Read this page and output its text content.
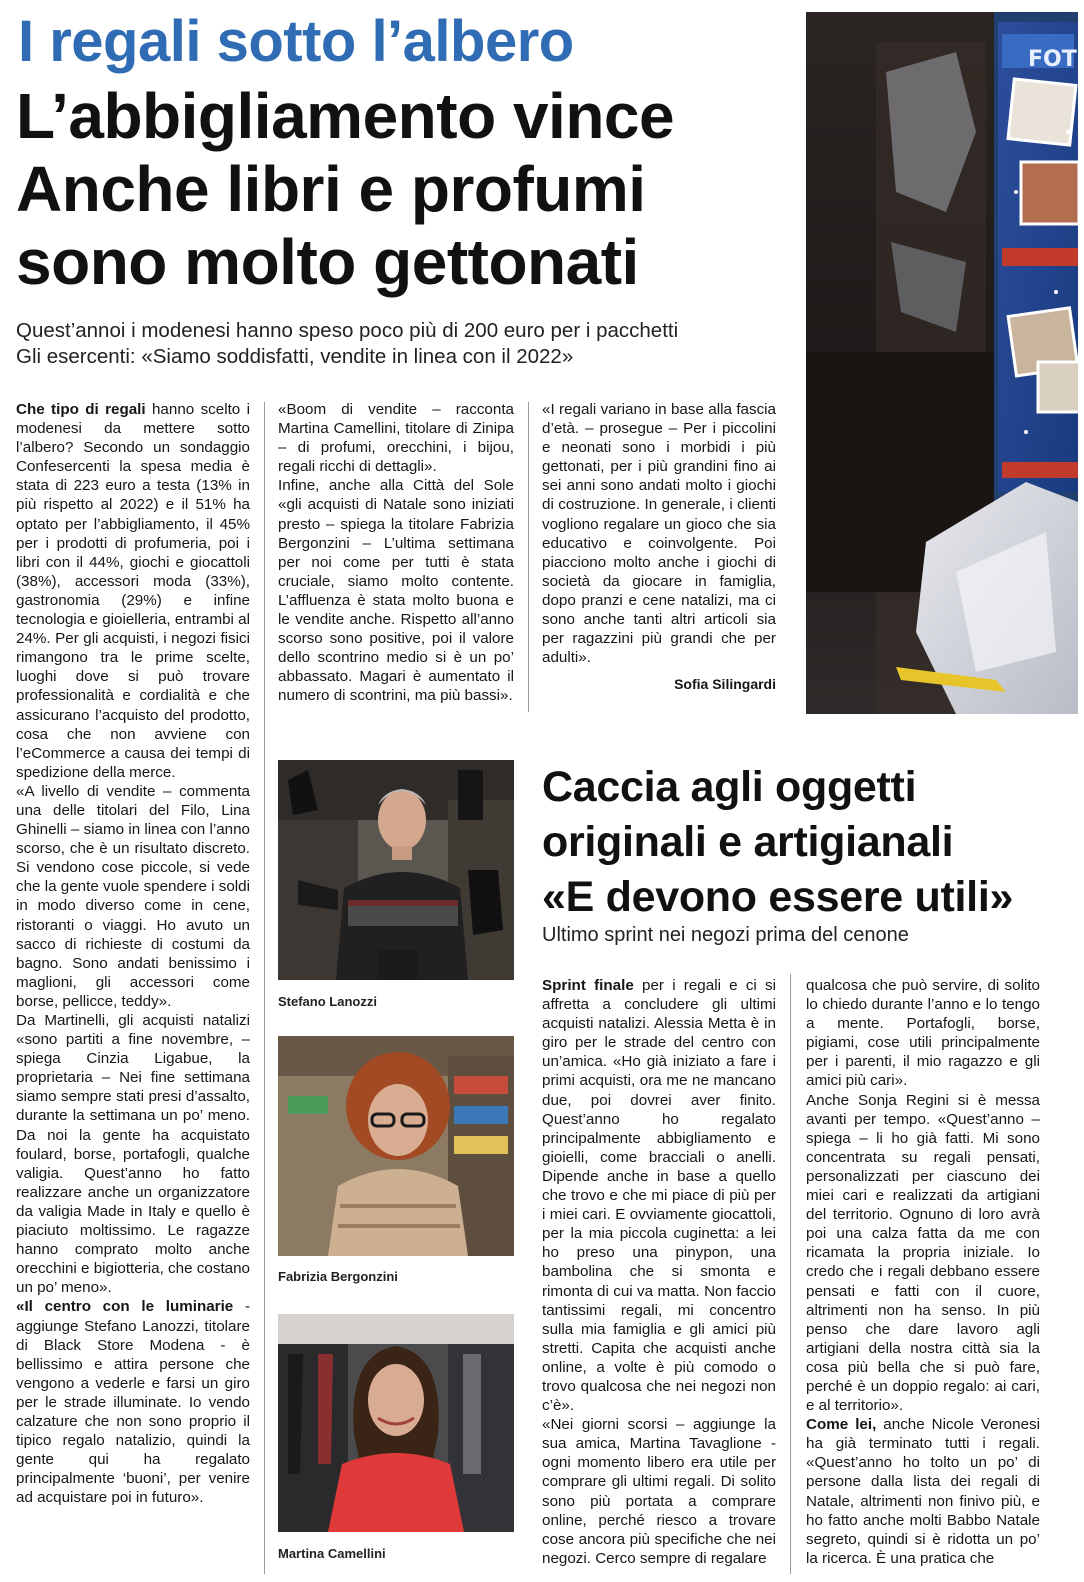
I regali sotto l’albero
L’abbigliamento vince
Anche libri e profumi
sono molto gettonati
Quest’annoi i modenesi hanno speso poco più di 200 euro per i pacchetti
Gli esercenti: «Siamo soddisfatti, vendite in linea con il 2022»
FOT

Che tipo di regali hanno scelto i modenesi da mettere sotto l’albero? Secondo un sondaggio Confesercenti la spesa media è stata di 223 euro a testa (13% in più rispetto al 2022) e il 51% ha optato per l’abbigliamento, il 45% per i prodotti di profumeria, poi i libri con il 44%, giochi e giocattoli (38%), accessori moda (33%), gastronomia (29%) e infine tecnologia e gioielleria, entrambi al 24%. Per gli acquisti, i negozi fisici rimangono tra le prime scelte, luoghi dove si può trovare professionalità e cordialità e che assicurano l’acquisto del prodotto, cosa che non avviene con l’eCommerce a causa dei tempi di spedizione della merce.

«A livello di vendite – commenta una delle titolari del Filo, Lina Ghinelli – siamo in linea con l’anno scorso, che è un risultato discreto. Si vendono cose piccole, si vede che la gente vuole spendere i soldi in modo diverso come in cene, ristoranti o viaggi. Ho avuto un sacco di richieste di costumi da bagno. Sono andati benissimo i maglioni, gli accessori come borse, pellicce, teddy».

Da Martinelli, gli acquisti natalizi «sono partiti a fine novembre, – spiega Cinzia Ligabue, la proprietaria – Nei fine settimana siamo sempre stati presi d’assalto, durante la settimana un po’ meno. Da noi la gente ha acquistato foulard, borse, portafogli, qualche valigia. Quest’anno ho fatto realizzare anche un organizzatore da valigia Made in Italy e quello è piaciuto moltissimo. Le ragazze hanno comprato molto anche orecchini e bigiotteria, che costano un po’ meno».

«Il centro con le luminarie - aggiunge Stefano Lanozzi, titolare di Black Store Modena - è bellissimo e attira persone che vengono a vederle e farsi un giro per le strade illuminate. Io vendo calzature che non sono proprio il tipico regalo natalizio, quindi la gente qui ha regalato principalmente ‘buoni’, per venire ad acquistare poi in futuro».

«Boom di vendite – racconta Martina Camellini, titolare di Zinipa – di profumi, orecchini, i bijou, regali ricchi di dettagli».

Infine, anche alla Città del Sole «gli acquisti di Natale sono iniziati presto – spiega la titolare Fabrizia Bergonzini – L’ultima settimana per noi come per tutti è stata cruciale, siamo molto contente. L’affluenza è stata molto buona e le vendite anche. Rispetto all’anno scorso sono positive, poi il valore dello scontrino medio si è un po’ abbassato. Magari è aumentato il numero di scontrini, ma più bassi».

«I regali variano in base alla fascia d’età. – prosegue – Per i piccolini e neonati sono i morbidi i più gettonati, per i più grandini fino ai sei anni sono andati molto i giochi di costruzione. In generale, i clienti vogliono regalare un gioco che sia educativo e coinvolgente. Poi piacciono molto anche i giochi di società da giocare in famiglia, dopo pranzi e cene natalizi, ma ci sono anche tanti altri articoli sia per ragazzini più grandi che per adulti».

Sofia Silingardi

Stefano Lanozzi
Fabrizia Bergonzini
Martina Camellini
Caccia agli oggetti
originali e artigianali
«E devono essere utili»
Ultimo sprint nei negozi prima del cenone

Sprint finale per i regali e ci si affretta a concludere gli ultimi acquisti natalizi. Alessia Metta è in giro per le strade del centro con un’amica. «Ho già iniziato a fare i primi acquisti, ora me ne mancano due, poi dovrei aver finito. Quest’anno ho regalato principalmente abbigliamento e gioielli, come bracciali o anelli. Dipende anche in base a quello che trovo e che mi piace di più per i miei cari. E ovviamente giocattoli, per la mia piccola cuginetta: a lei ho preso una pinypon, una bambolina che si smonta e rimonta di cui va matta. Non faccio tantissimi regali, mi concentro sulla mia famiglia e gli amici più stretti. Capita che acquisti anche online, a volte è più comodo o trovo qualcosa che nei negozi non c’è».

«Nei giorni scorsi – aggiunge la sua amica, Martina Tavaglione - ogni momento libero era utile per comprare gli ultimi regali. Di solito sono più portata a comprare online, perché riesco a trovare cose ancora più specifiche che nei negozi. Cerco sempre di regalare

qualcosa che può servire, di solito lo chiedo durante l’anno e lo tengo a mente. Portafogli, borse, pigiami, cose utili principalmente per i parenti, il mio ragazzo e gli amici più cari».

Anche Sonja Regini si è messa avanti per tempo. «Quest’anno – spiega – li ho già fatti. Mi sono concentrata su regali pensati, personalizzati per ciascuno dei miei cari e realizzati da artigiani del territorio. Ognuno di loro avrà poi una calza fatta da me con ricamata la propria iniziale. Io credo che i regali debbano essere pensati e fatti con il cuore, altrimenti non ha senso. In più penso che dare lavoro agli artigiani della nostra città sia la cosa più bella che si può fare, perché è un doppio regalo: ai cari, e al territorio».

Come lei, anche Nicole Veronesi ha già terminato tutti i regali. «Quest’anno ho tolto un po’ di persone dalla lista dei regali di Natale, altrimenti non finivo più, e ho fatto anche molti Babbo Natale segreto, quindi si è ridotta un po’ la ricerca. È una pratica che
